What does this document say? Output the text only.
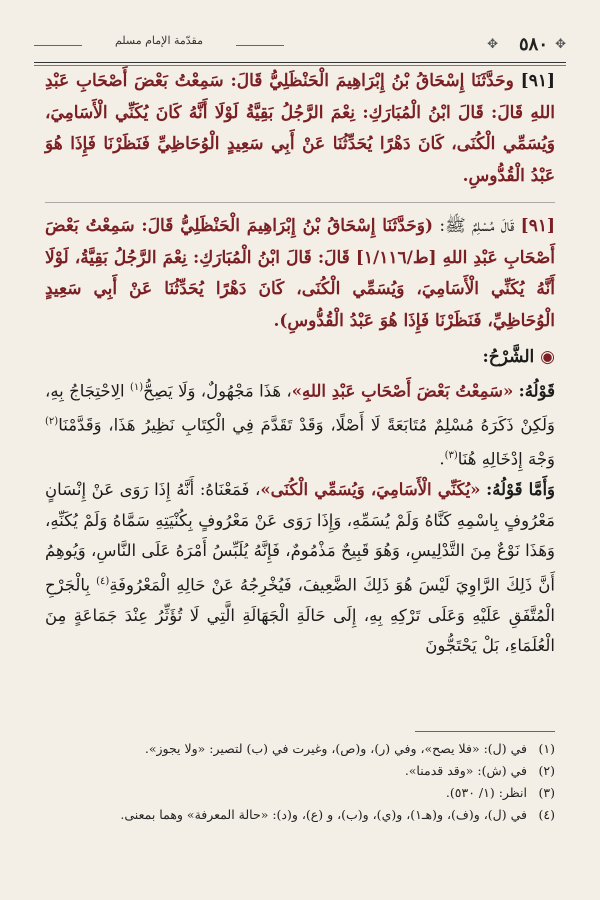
✥
٥٨٠
✥
مقدّمة الإمام مسلم

[٩١] وحَدَّثَنَا إِسْحَاقُ بْنُ إِبْرَاهِيمَ الْحَنْظَلِيُّ قَالَ: سَمِعْتُ بَعْضَ أَصْحَابِ عَبْدِ اللهِ قَالَ: قَالَ ابْنُ الْمُبَارَكِ: نِعْمَ الرَّجُلُ بَقِيَّةُ لَوْلَا أَنَّهُ كَانَ يُكَنِّي الْأَسَامِيَ، وَيُسَمِّي الْكُنَى، كَانَ دَهْرًا يُحَدِّثُنَا عَنْ أَبِي سَعِيدٍ الْوُحَاظِيِّ فَنَظَرْنَا فَإِذَا هُوَ عَبْدُ الْقُدُّوسِ.

[٩١] قَالَ مُسْلِمٌ ﷺ: (وَحَدَّثَنَا إِسْحَاقُ بْنُ إِبْرَاهِيمَ الْحَنْظَلِيُّ قَالَ: سَمِعْتُ بَعْضَ أَصْحَابِ عَبْدِ اللهِ [ط/١/١١٦] قَالَ: قَالَ ابْنُ الْمُبَارَكِ: نِعْمَ الرَّجُلُ بَقِيَّةُ، لَوْلَا أَنَّهُ يُكَنِّي الْأَسَامِيَ، وَيُسَمِّي الْكُنَى، كَانَ دَهْرًا يُحَدِّثُنَا عَنْ أَبِي سَعِيدٍ الْوُحَاظِيِّ، فَنَظَرْنَا فَإِذَا هُوَ عَبْدُ الْقُدُّوسِ).

◉ الشَّرْحُ:

قَوْلُهُ: «سَمِعْتُ بَعْضَ أَصْحَابِ عَبْدِ اللهِ»، هَذَا مَجْهُولٌ، وَلَا يَصِحُّ$^{(١)}$ الِاحْتِجَاجُ بِهِ، وَلَكِنْ ذَكَرَهُ مُسْلِمٌ مُتَابَعَةً لَا أَصْلًا، وَقَدْ تَقَدَّمَ فِي الْكِتَابِ نَظِيرُ هَذَا، وَقَدَّمْنَا$^{(٢)}$ وَجْهَ إِدْخَالِهِ هُنَا$^{(٣)}$.

وَأَمَّا قَوْلُهُ: «يُكَنِّي الْأَسَامِيَ، وَيُسَمِّي الْكُنَى»، فَمَعْنَاهُ: أَنَّهُ إِذَا رَوَى عَنْ إِنْسَانٍ مَعْرُوفٍ بِاسْمِهِ كَنَّاهُ وَلَمْ يُسَمِّهِ، وَإِذَا رَوَى عَنْ مَعْرُوفٍ بِكُنْيَتِهِ سَمَّاهُ وَلَمْ يُكَنِّهِ، وَهَذَا نَوْعٌ مِنَ التَّدْلِيسِ، وَهُوَ قَبِيحٌ مَذْمُومٌ، فَإِنَّهُ يُلَبِّسُ أَمْرَهُ عَلَى النَّاسِ، وَيُوهِمُ أَنَّ ذَلِكَ الرَّاوِيَ لَيْسَ هُوَ ذَلِكَ الضَّعِيفَ، فَيُخْرِجُهُ عَنْ حَالِهِ الْمَعْرُوفَةِ$^{(٤)}$ بِالْجَرْحِ الْمُتَّفَقِ عَلَيْهِ وَعَلَى تَرْكِهِ بِهِ، إِلَى حَالَةِ الْجَهَالَةِ الَّتِي لَا تُؤَثِّرُ عِنْدَ جَمَاعَةٍ مِنَ الْعُلَمَاءِ، بَلْ يَحْتَجُّونَ

(١) في (ل): «فلا يصح»، وفي (ر)، و(ص)، وغيرت في (ب) لتصير: «ولا يجوز».

(٢) في (ش): «وقد قدمنا».

(٣) انظر: (١/ ٥٣٠).

(٤) في (ل)، و(ف)، و(هـ١)، و(ي)، و(ب)، و (ع)، و(د): «حالة المعرفة» وهما بمعنى.
